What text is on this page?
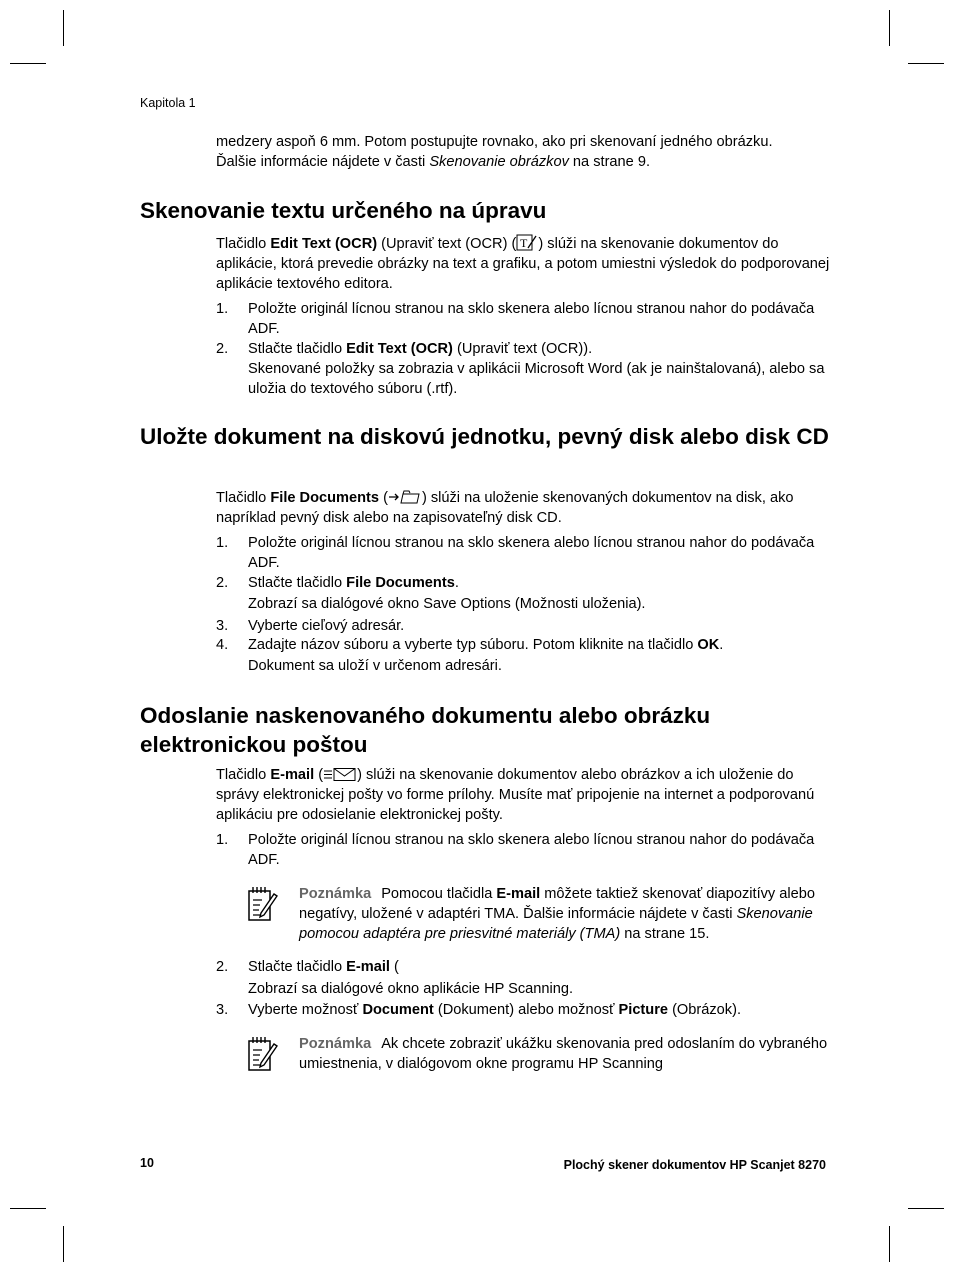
Kapitola 1

medzery aspoň 6 mm. Potom postupujte rovnako, ako pri skenovaní jedného obrázku.
Ďalšie informácie nájdete v časti Skenovanie obrázkov na strane 9.

Skenovanie textu určeného na úpravu

Tlačidlo Edit Text (OCR) (Upraviť text (OCR) ( T ) slúži na skenovanie dokumentov do aplikácie, ktorá prevedie obrázky na text a grafiku, a potom umiestni výsledok do podporovanej aplikácie textového editora.

1. Položte originál lícnou stranou na sklo skenera alebo lícnou stranou nahor do podávača ADF.
2. Stlačte tlačidlo Edit Text (OCR) (Upraviť text (OCR)).
Skenované položky sa zobrazia v aplikácii Microsoft Word (ak je nainštalovaná), alebo sa uložia do textového súboru (.rtf).
Uložte dokument na diskovú jednotku, pevný disk alebo disk CD

Tlačidlo File Documents ( ) slúži na uloženie skenovaných dokumentov na disk, ako napríklad pevný disk alebo na zapisovateľný disk CD.

1. Položte originál lícnou stranou na sklo skenera alebo lícnou stranou nahor do podávača ADF.
2. Stlačte tlačidlo File Documents.
Zobrazí sa dialógové okno Save Options (Možnosti uloženia).
3. Vyberte cieľový adresár.
4. Zadajte názov súboru a vyberte typ súboru. Potom kliknite na tlačidlo OK.
Dokument sa uloží v určenom adresári.
Odoslanie naskenovaného dokumentu alebo obrázku elektronickou poštou

Tlačidlo E-mail ( ) slúži na skenovanie dokumentov alebo obrázkov a ich uloženie do správy elektronickej pošty vo forme prílohy. Musíte mať pripojenie na internet a podporovanú aplikáciu pre odosielanie elektronickej pošty.

1. Položte originál lícnou stranou na sklo skenera alebo lícnou stranou nahor do podávača ADF.
Poznámka Pomocou tlačidla E-mail môžete taktiež skenovať diapozitívy alebo negatívy, uložené v adaptéri TMA. Ďalšie informácie nájdete v časti Skenovanie pomocou adaptéra pre priesvitné materiály (TMA) na strane 15.
2. Stlačte tlačidlo E-mail (
Zobrazí sa dialógové okno aplikácie HP Scanning.
3. Vyberte možnosť Document (Dokument) alebo možnosť Picture (Obrázok).
Poznámka Ak chcete zobraziť ukážku skenovania pred odoslaním do vybraného umiestnenia, v dialógovom okne programu HP Scanning
10	Plochý skener dokumentov HP Scanjet 8270
